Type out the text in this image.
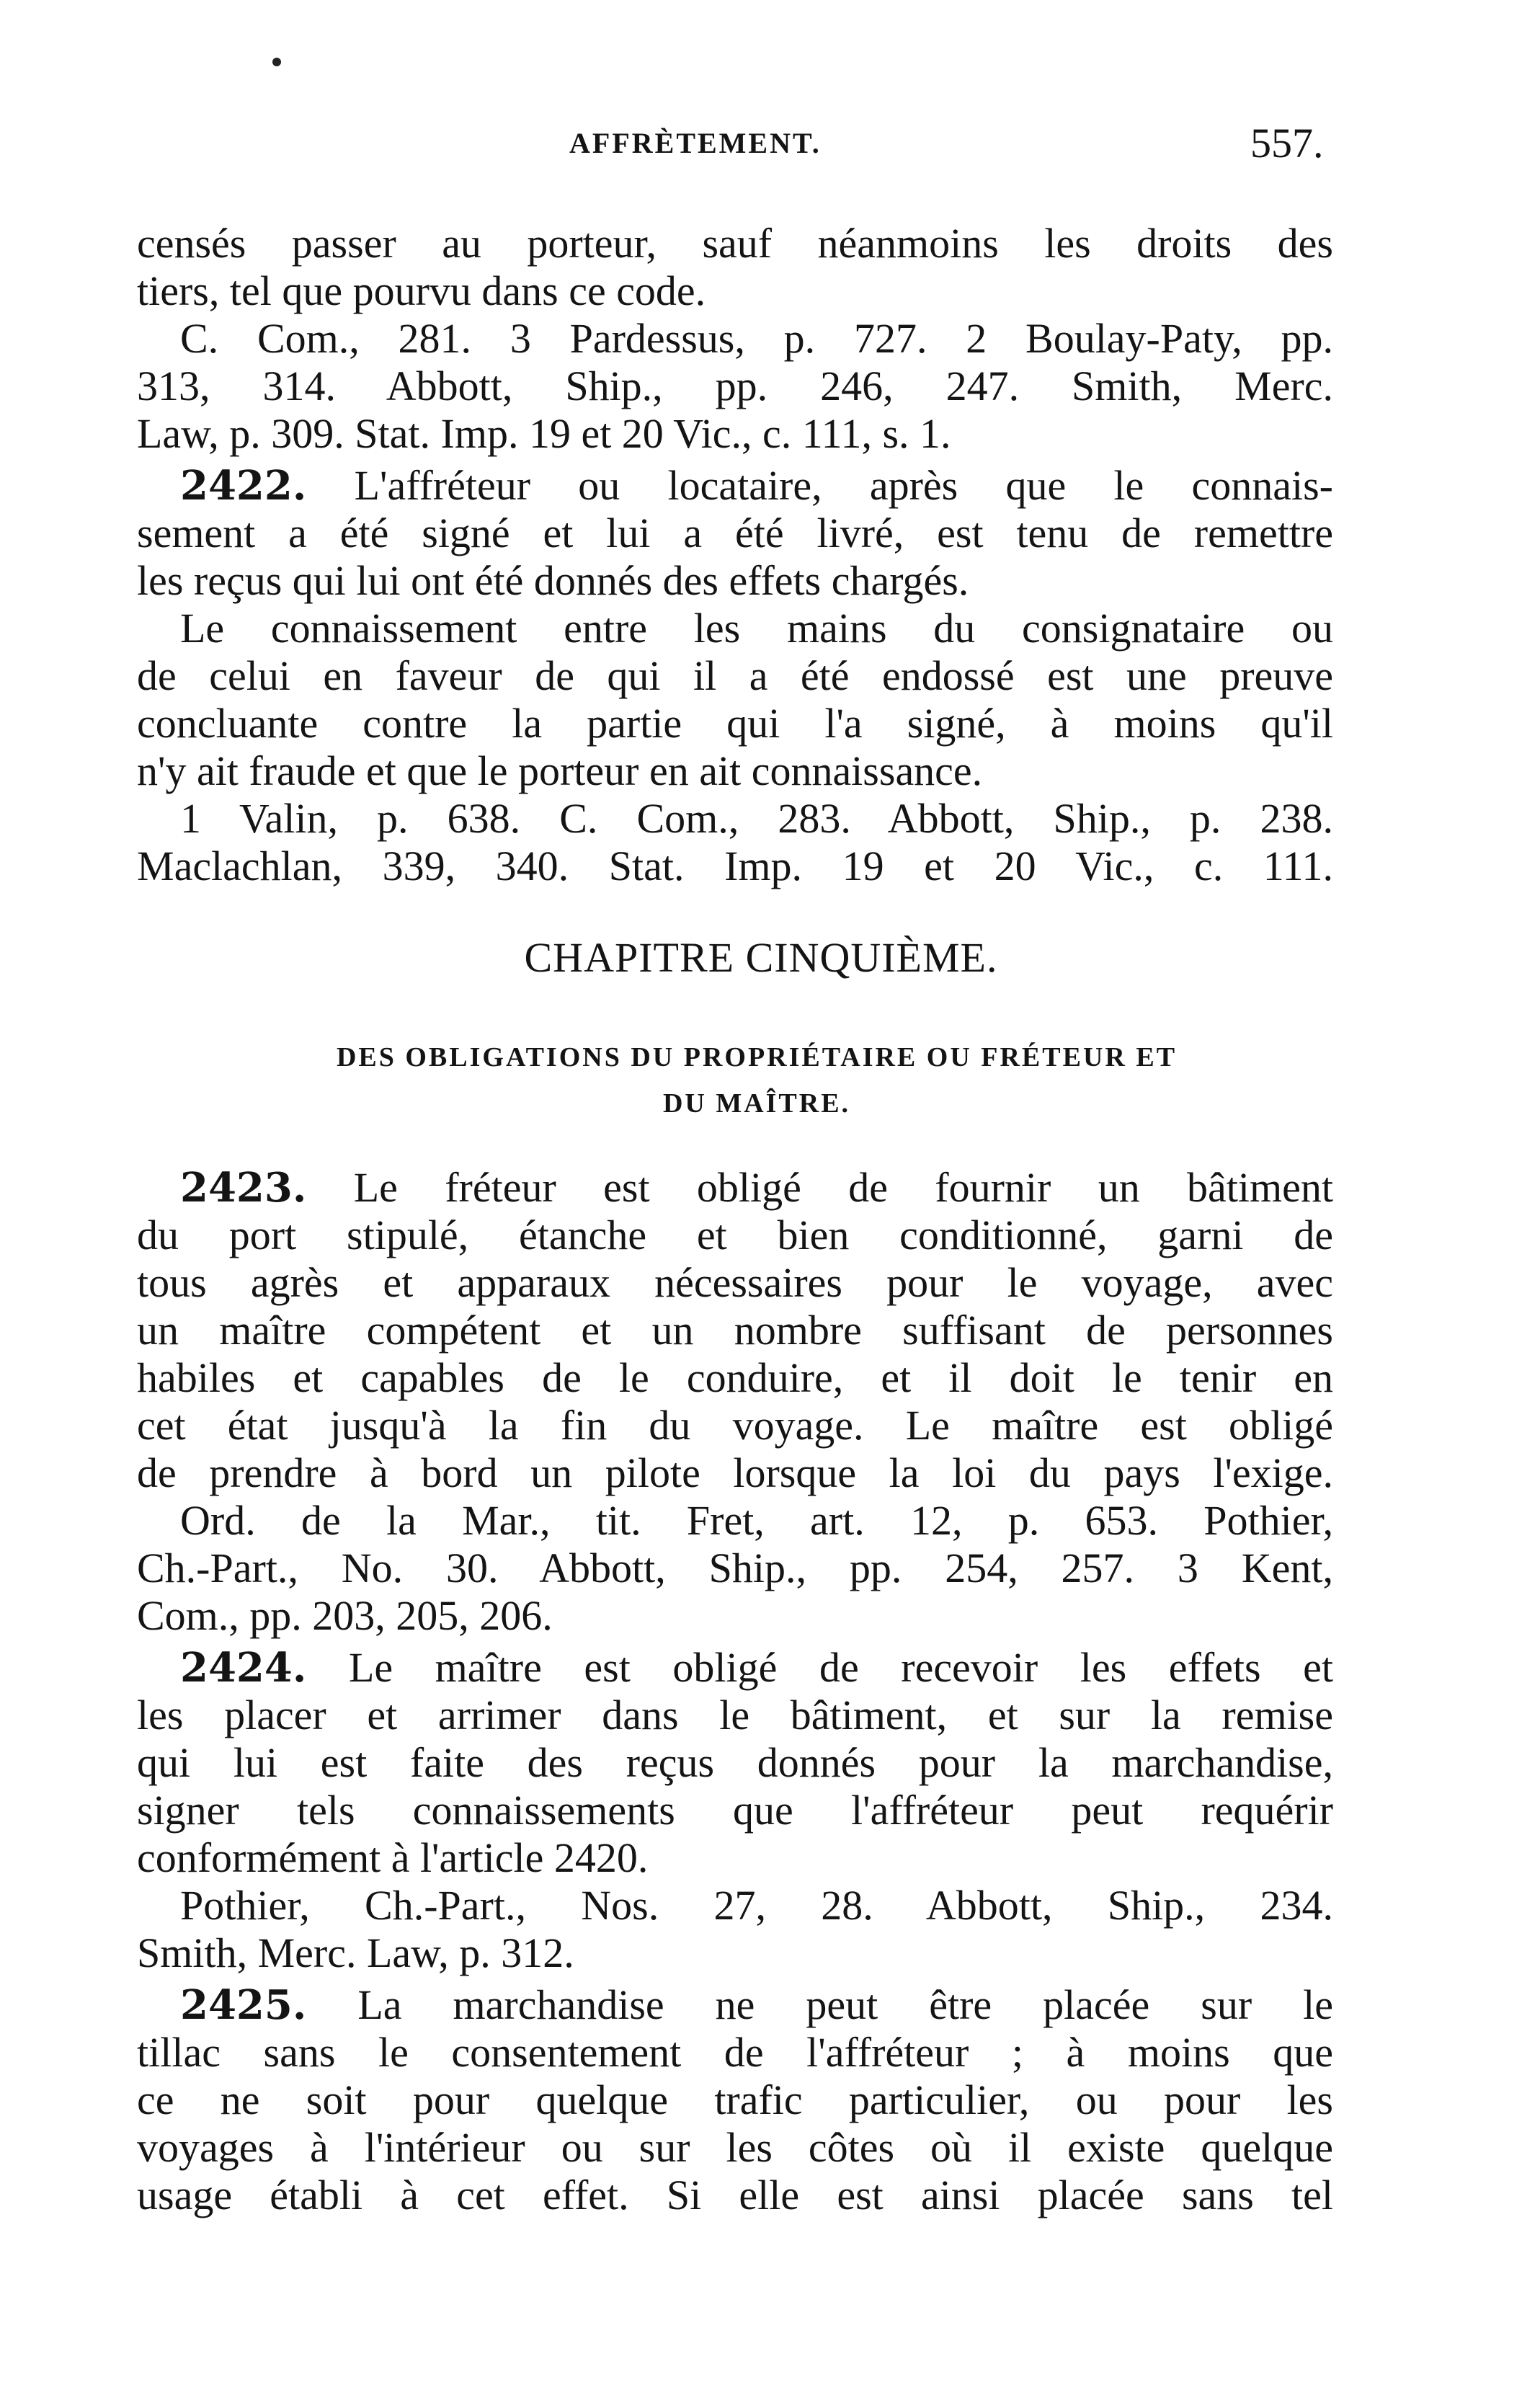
AFFRÈTEMENT.	557.
censés passer au porteur, sauf néanmoins les droits des
tiers, tel que pourvu dans ce code.
C. Com., 281. 3 Pardessus, p. 727. 2 Boulay-Paty, pp.
313, 314. Abbott, Ship., pp. 246, 247. Smith, Merc.
Law, p. 309. Stat. Imp. 19 et 20 Vic., c. 111, s. 1.
2422. L'affréteur ou locataire, après que le connais-
sement a été signé et lui a été livré, est tenu de remettre
les reçus qui lui ont été donnés des effets chargés.
Le connaissement entre les mains du consignataire ou
de celui en faveur de qui il a été endossé est une preuve
concluante contre la partie qui l'a signé, à moins qu'il
n'y ait fraude et que le porteur en ait connaissance.
1 Valin, p. 638. C. Com., 283. Abbott, Ship., p. 238.
Maclachlan, 339, 340. Stat. Imp. 19 et 20 Vic., c. 111.
CHAPITRE CINQUIÈME.
DES OBLIGATIONS DU PROPRIÉTAIRE OU FRÉTEUR ET
DU MAÎTRE.
2423. Le fréteur est obligé de fournir un bâtiment
du port stipulé, étanche et bien conditionné, garni de
tous agrès et apparaux nécessaires pour le voyage, avec
un maître compétent et un nombre suffisant de personnes
habiles et capables de le conduire, et il doit le tenir en
cet état jusqu'à la fin du voyage. Le maître est obligé
de prendre à bord un pilote lorsque la loi du pays l'exige.
Ord. de la Mar., tit. Fret, art. 12, p. 653. Pothier,
Ch.-Part., No. 30. Abbott, Ship., pp. 254, 257. 3 Kent,
Com., pp. 203, 205, 206.
2424. Le maître est obligé de recevoir les effets et
les placer et arrimer dans le bâtiment, et sur la remise
qui lui est faite des reçus donnés pour la marchandise,
signer tels connaissements que l'affréteur peut requérir
conformément à l'article 2420.
Pothier, Ch.-Part., Nos. 27, 28. Abbott, Ship., 234.
Smith, Merc. Law, p. 312.
2425. La marchandise ne peut être placée sur le
tillac sans le consentement de l'affréteur ; à moins que
ce ne soit pour quelque trafic particulier, ou pour les
voyages à l'intérieur ou sur les côtes où il existe quelque
usage établi à cet effet. Si elle est ainsi placée sans tel
